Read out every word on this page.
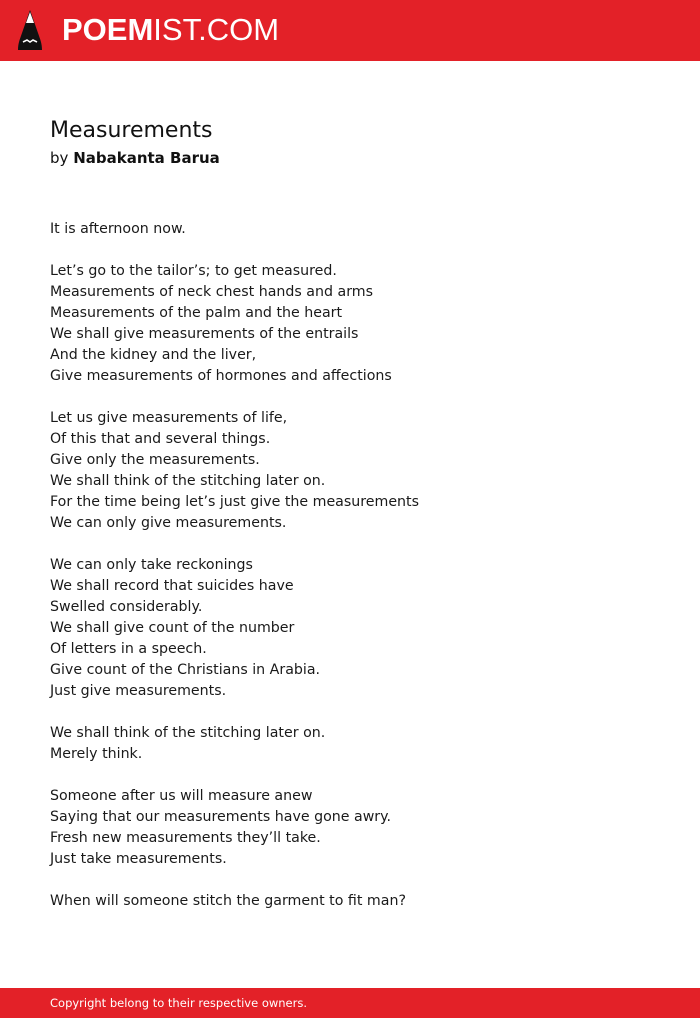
POEMIST.COM
Measurements
by Nabakanta Barua

It is afternoon now.

Let’s go to the tailor’s; to get measured.
Measurements of neck chest hands and arms
Measurements of the palm and the heart
We shall give measurements of the entrails
And the kidney and the liver,
Give measurements of hormones and affections

Let us give measurements of life,
Of this that and several things.
Give only the measurements.
We shall think of the stitching later on.
For the time being let’s just give the measurements
We can only give measurements.

We can only take reckonings
We shall record that suicides have
Swelled considerably.
We shall give count of the number
Of letters in a speech.
Give count of the Christians in Arabia.
Just give measurements.

We shall think of the stitching later on.
Merely think.

Someone after us will measure anew
Saying that our measurements have gone awry.
Fresh new measurements they’ll take.
Just take measurements.

When will someone stitch the garment to fit man?

Copyright belong to their respective owners.
